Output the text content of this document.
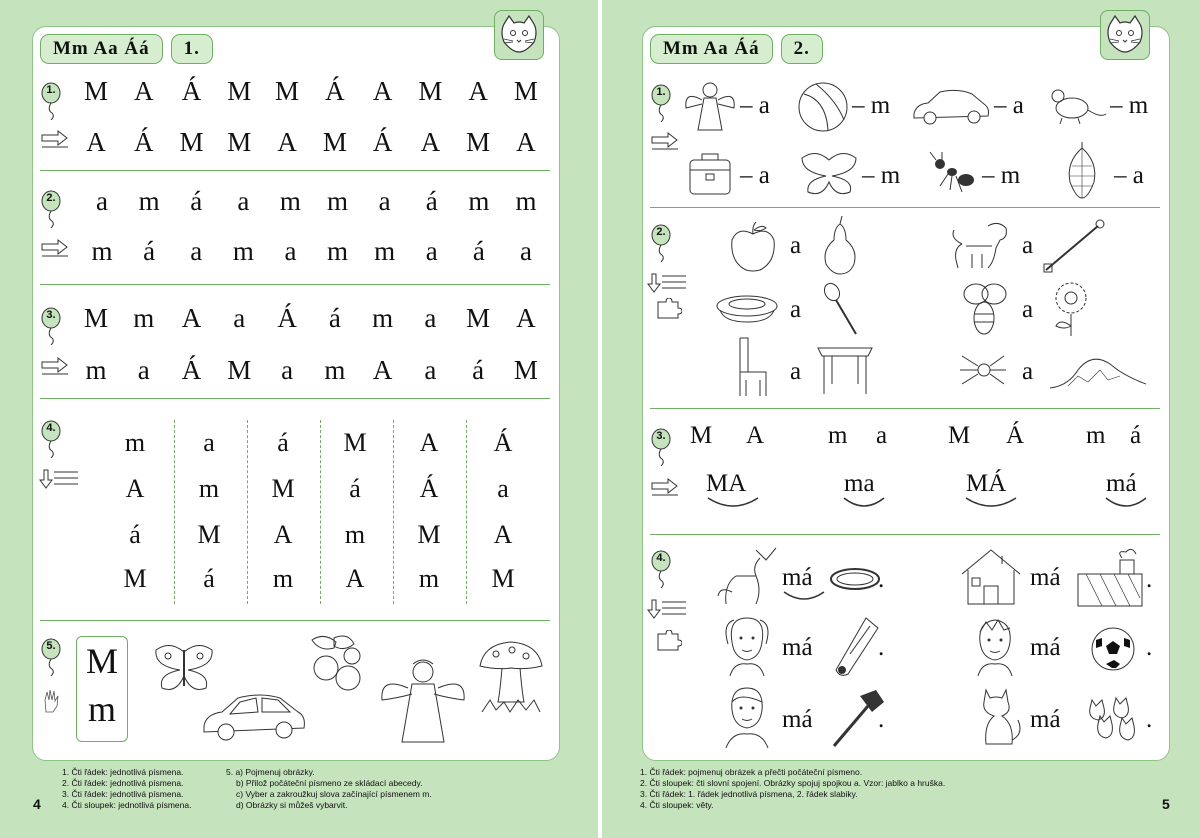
Mm Aa Áá	1.
1. M A Á M M Á A M A M
A Á M M A M Á A M A
2.	a	m	á	a	m m	a	á	m m
m	á	a	m	a	m m	a	á	a
3. M m A	a	Á	á	m	a	M A
m	a	Á M	a	m A	a	á	M
4.	m	a	á	M	A	Á
A	m	M	á	Á	a
á	M	A	m	M	A
M	á	m	A	m	M
5. M
m
1. Čti řádek: jednotlivá písmena.
2. Čti řádek: jednotlivá písmena.
3. Čti řádek: jednotlivá písmena.
4. Čti sloupek: jednotlivá písmena.
5. a) Pojmenuj obrázky.
b) Přilož počáteční písmeno ze skládací abecedy.
c) Vyber a zakroužkuj slova začínající písmenem m.
d) Obrázky si můžeš vybarvit.
4
Mm Aa Áá	2.
1.	– a	– m	– a	– m
– a	– m	– m	– a
2.	a	a
a	a
a	a
3. M A	m a M Á m á
MA	ma	MÁ	má
4.
má	.	má	.
má	.	má	.
má	.	má	.
1. Čti řádek: pojmenuj obrázek a přečti počáteční písmeno.
2. Čti sloupek: čti slovní spojení. Obrázky spojuj spojkou a. Vzor: jablko a hruška.
3. Čti řádek: 1. řádek jednotlivá písmena, 2. řádek slabiky.
4. Čti sloupek: věty.	5
